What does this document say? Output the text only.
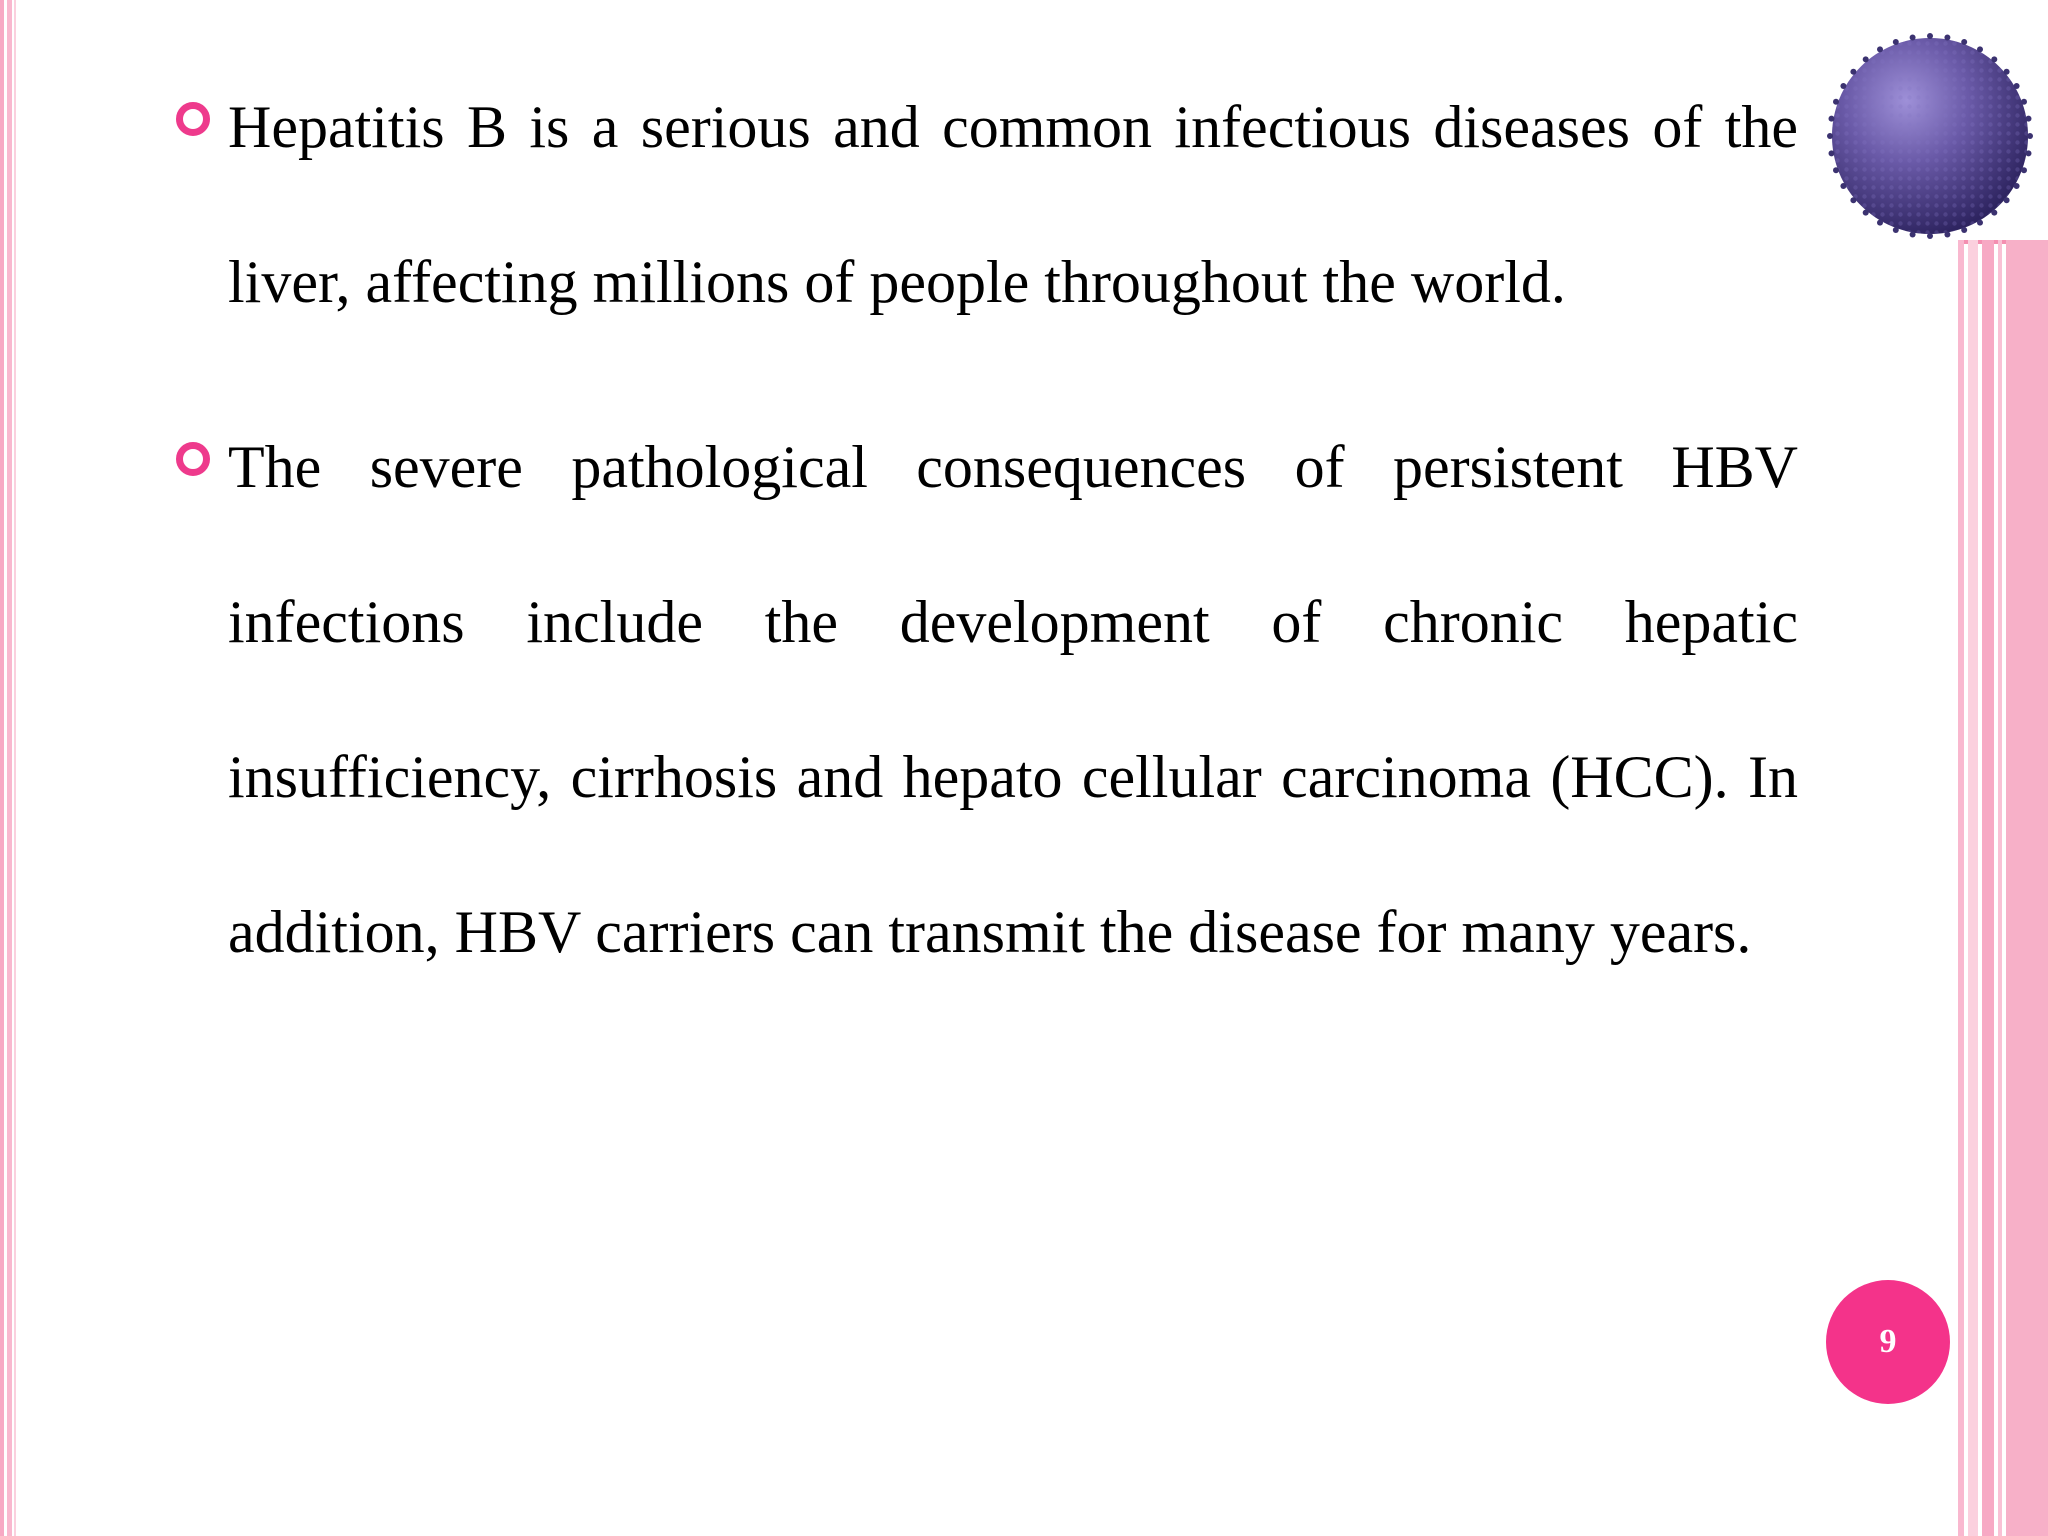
Hepatitis B is a serious and common infectious diseases of the liver, affecting millions of people throughout the world.

The severe pathological consequences of persistent HBV infections include the development of chronic hepatic insufficiency, cirrhosis and hepato cellular carcinoma (HCC). In addition, HBV carriers can transmit the disease for many years.

9
